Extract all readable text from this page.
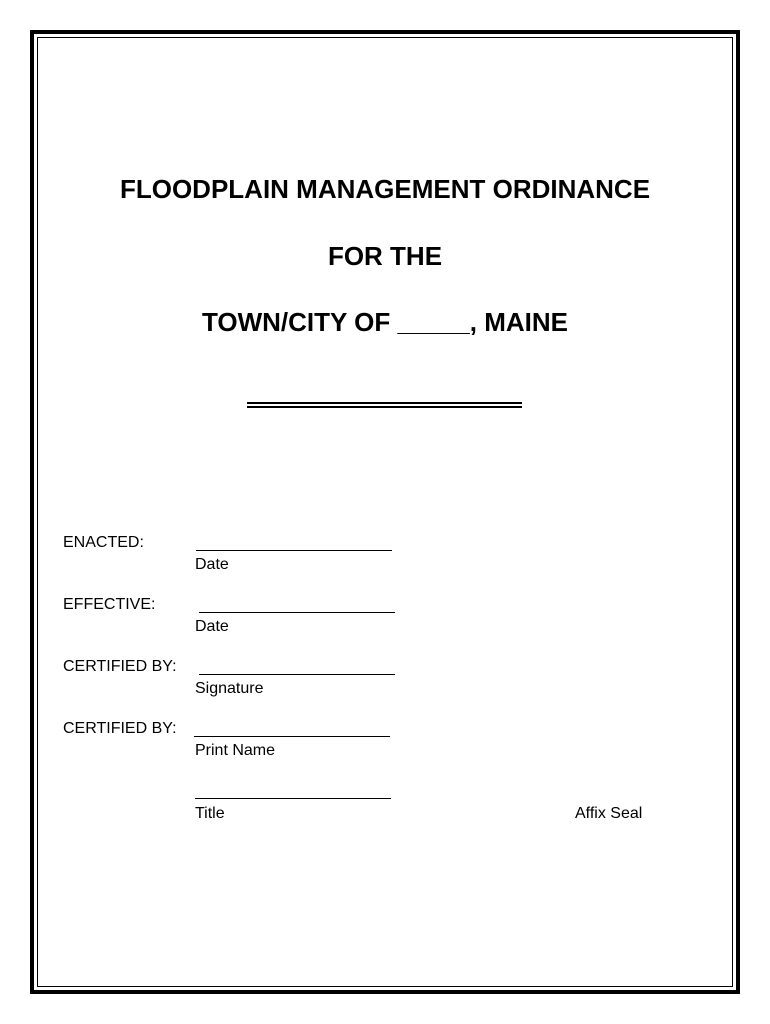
FLOODPLAIN MANAGEMENT ORDINANCE
FOR THE
TOWN/CITY OF _____, MAINE
ENACTED:
Date
EFFECTIVE:
Date
CERTIFIED BY:
Signature
CERTIFIED BY:
Print Name
Title	Affix Seal
